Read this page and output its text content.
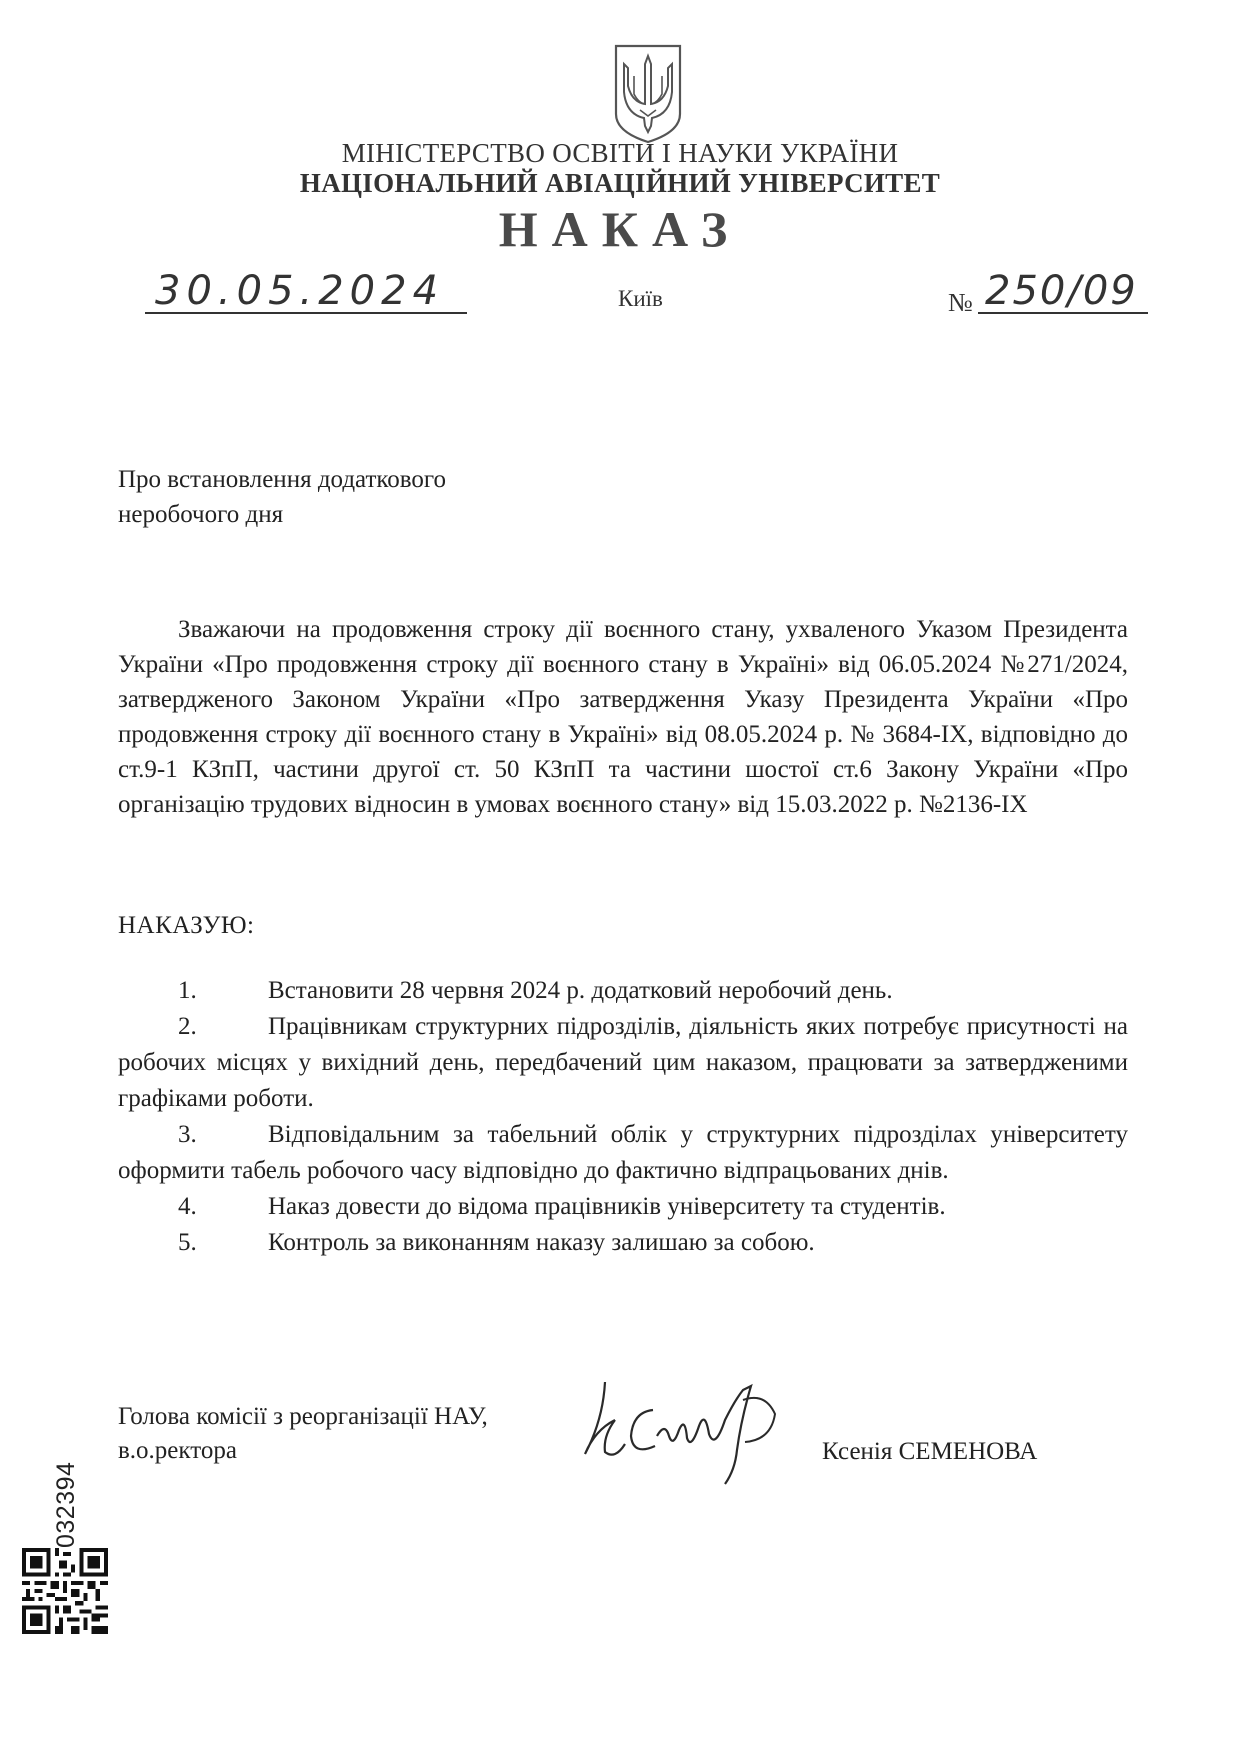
МІНІСТЕРСТВО ОСВІТИ І НАУКИ УКРАЇНИ
НАЦІОНАЛЬНИЙ АВІАЦІЙНИЙ УНІВЕРСИТЕТ
НАКАЗ
30.05.2024	Київ	№ 250/09
Про встановлення додаткового
неробочого дня
Зважаючи на продовження строку дії воєнного стану, ухваленого Указом Президента України «Про продовження строку дії воєнного стану в Україні» від 06.05.2024 №271/2024, затвердженого Законом України «Про затвердження Указу Президента України «Про продовження строку дії воєнного стану в Україні» від 08.05.2024 р. № 3684-IX, відповідно до ст.9-1 КЗпП, частини другої ст. 50 КЗпП та частини шостої ст.6 Закону України «Про організацію трудових відносин в умовах воєнного стану» від 15.03.2022 р. №2136-IX
НАКАЗУЮ:

1.	Встановити 28 червня 2024 р. додатковий неробочий день.

2.	Працівникам структурних підрозділів, діяльність яких потребує присутності на робочих місцях у вихідний день, передбачений цим наказом, працювати за затвердженими графіками роботи.

3.	Відповідальним за табельний облік у структурних підрозділах університету оформити табель робочого часу відповідно до фактично відпрацьованих днів.

4.	Наказ довести до відома працівників університету та студентів.

5.	Контроль за виконанням наказу залишаю за собою.

Голова комісії з реорганізації НАУ,
в.о.ректора	Ксенія СЕМЕНОВА
032394
